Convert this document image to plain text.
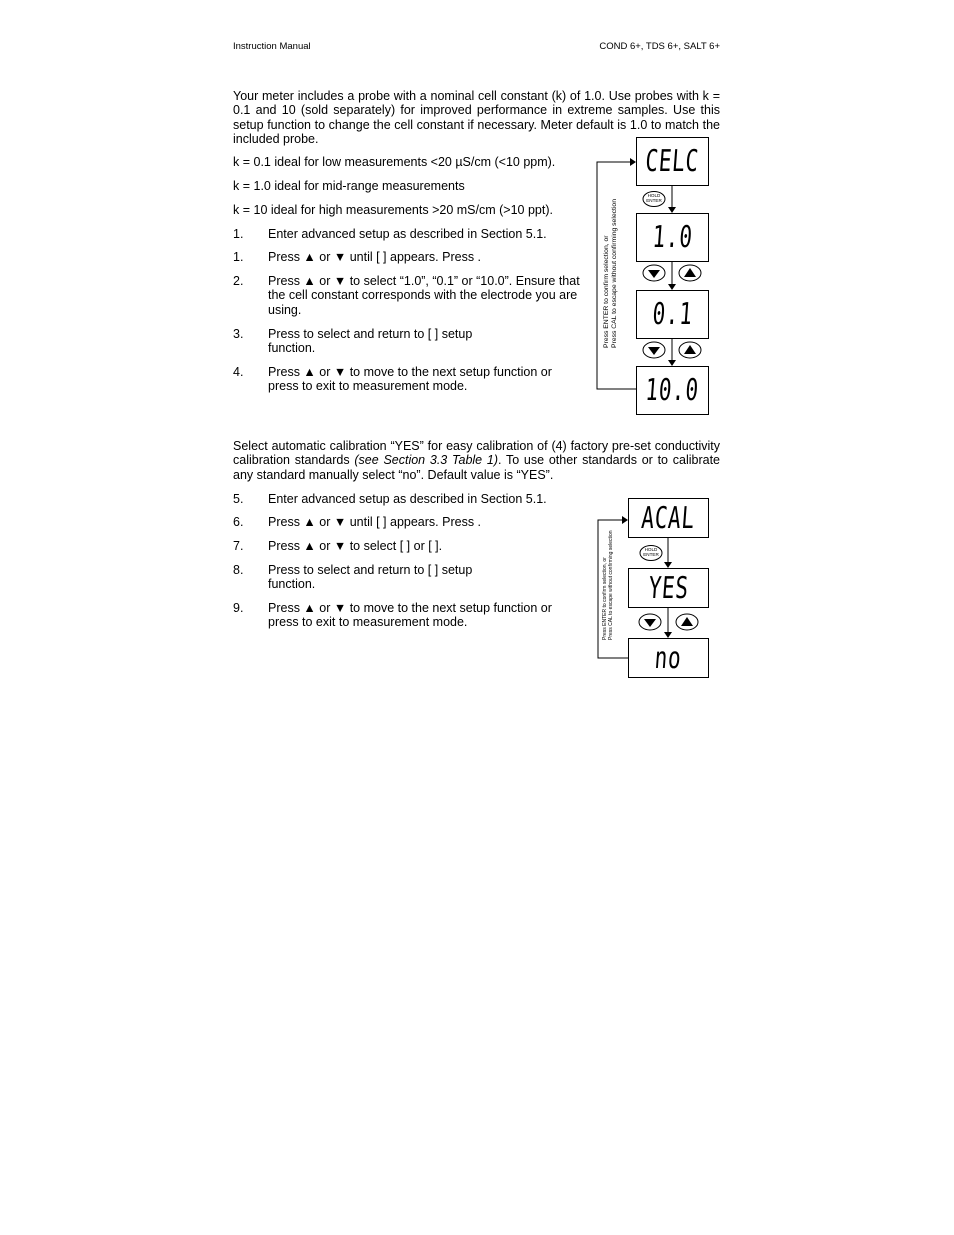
Instruction Manual	COND 6+, TDS 6+, SALT 6+

Your meter includes a probe with a nominal cell constant (k) of 1.0. Use probes with k = 0.1 and 10 (sold separately) for improved performance in extreme samples. Use this setup function to change the cell constant if necessary. Meter default is 1.0 to match the included probe.

k = 0.1 ideal for low measurements <20 µS/cm (<10 ppm).
k = 1.0 ideal for mid-range measurements
k = 10 ideal for high measurements >20 mS/cm (>10 ppt).
1. Enter advanced setup as described in Section 5.1.
1. Press ▲ or ▼ until [ ] appears. Press .
2. Press ▲ or ▼ to select “1.0”, “0.1” or “10.0”. Ensure that
the cell constant corresponds with the electrode you are
using.
3. Press to select and return to [ ] setup
function.
4. Press ▲ or ▼ to move to the next setup function or
press to exit to measurement mode.
HOLD
ENTER
CELC
1.0
0.1
10.0
Press ENTER to confirm selection, or Press CAL to escape without confirming selection

Select automatic calibration “YES” for easy calibration of (4) factory pre-set conductivity calibration standards (see Section 3.3 Table 1). To use other standards or to calibrate any standard manually select “no”. Default value is “YES”.

5. Enter advanced setup as described in Section 5.1.
6. Press ▲ or ▼ until [ ] appears. Press .
7. Press ▲ or ▼ to select [ ] or [ ].
8. Press to select and return to [ ] setup
function.
9. Press ▲ or ▼ to move to the next setup function or
press to exit to measurement mode.
HOLD
ENTER
ACAL
YES
no
Press ENTER to confirm selection, or Press CAL to escape without confirming selection
